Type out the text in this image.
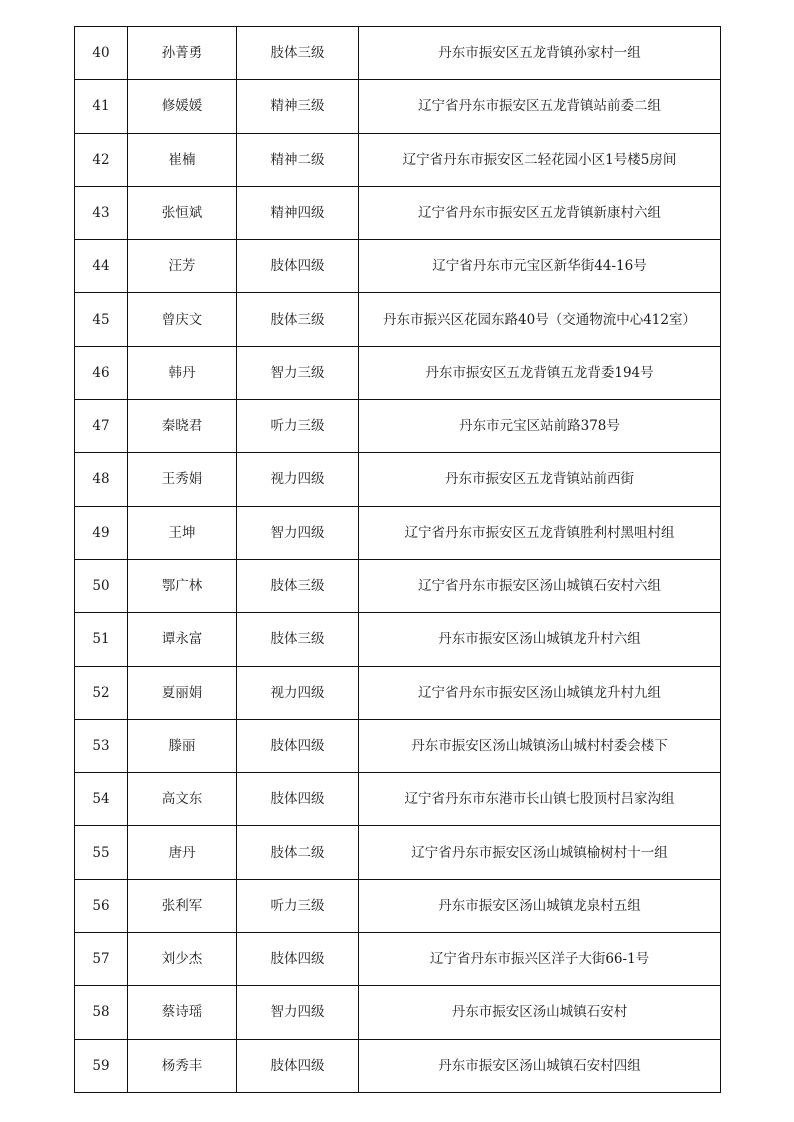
40	孙菁勇	肢体三级	丹东市振安区五龙背镇孙家村一组
41	修媛媛	精神三级	辽宁省丹东市振安区五龙背镇站前委二组
42	崔楠	精神二级	辽宁省丹东市振安区二轻花园小区1号楼5房间
43	张恒斌	精神四级	辽宁省丹东市振安区五龙背镇新康村六组
44	汪芳	肢体四级	辽宁省丹东市元宝区新华街44-16号
45	曾庆文	肢体三级	丹东市振兴区花园东路40号（交通物流中心412室）
46	韩丹	智力三级	丹东市振安区五龙背镇五龙背委194号
47	秦晓君	听力三级	丹东市元宝区站前路378号
48	王秀娟	视力四级	丹东市振安区五龙背镇站前西街
49	王坤	智力四级	辽宁省丹东市振安区五龙背镇胜利村黑咀村组
50	鄂广林	肢体三级	辽宁省丹东市振安区汤山城镇石安村六组
51	谭永富	肢体三级	丹东市振安区汤山城镇龙升村六组
52	夏丽娟	视力四级	辽宁省丹东市振安区汤山城镇龙升村九组
53	滕丽	肢体四级	丹东市振安区汤山城镇汤山城村村委会楼下
54	高文东	肢体四级	辽宁省丹东市东港市长山镇七股顶村吕家沟组
55	唐丹	肢体二级	辽宁省丹东市振安区汤山城镇榆树村十一组
56	张利军	听力三级	丹东市振安区汤山城镇龙泉村五组
57	刘少杰	肢体四级	辽宁省丹东市振兴区洋子大街66-1号
58	蔡诗瑶	智力四级	丹东市振安区汤山城镇石安村
59	杨秀丰	肢体四级	丹东市振安区汤山城镇石安村四组
